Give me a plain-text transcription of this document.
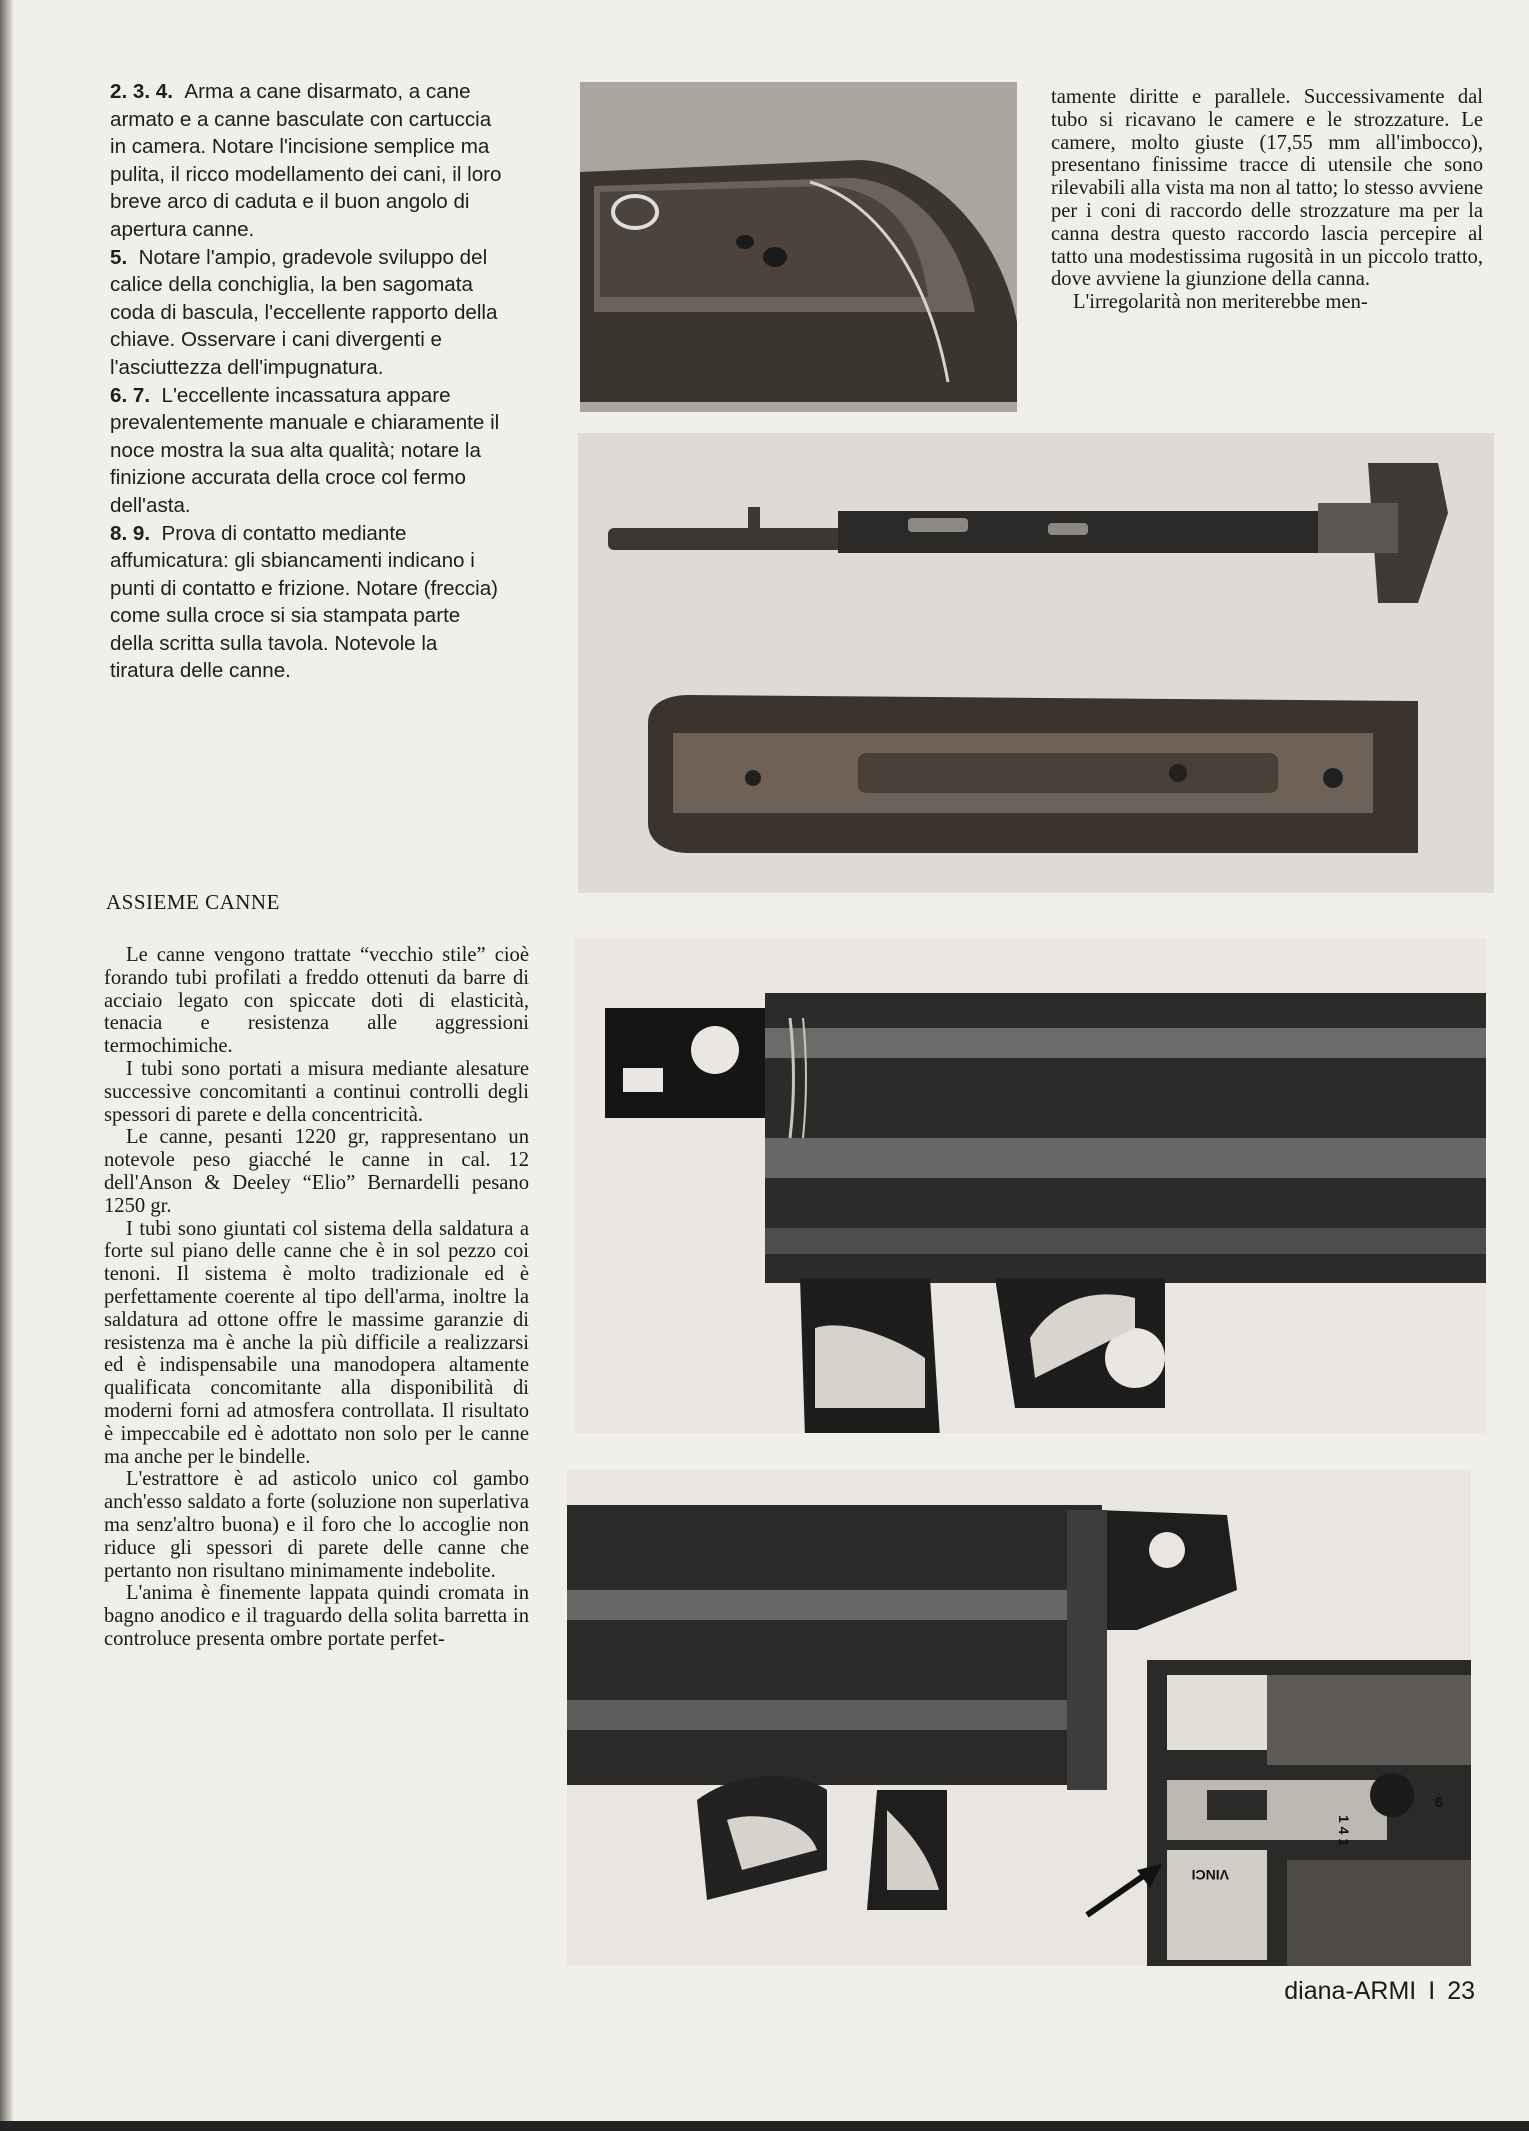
2. 3. 4. Arma a cane disarmato, a cane armato e a canne basculate con cartuccia in camera. Notare l'incisione semplice ma pulita, il ricco modellamento dei cani, il loro breve arco di caduta e il buon angolo di apertura canne.

5. Notare l'ampio, gradevole sviluppo del calice della conchiglia, la ben sagomata coda di bascula, l'eccellente rapporto della chiave. Osservare i cani divergenti e l'asciuttezza dell'impugnatura.

6. 7. L'eccellente incassatura appare prevalentemente manuale e chiaramente il noce mostra la sua alta qualità; notare la finizione accurata della croce col fermo dell'asta.

8. 9. Prova di contatto mediante affumicatura: gli sbiancamenti indicano i punti di contatto e frizione. Notare (freccia) come sulla croce si sia stampata parte della scritta sulla tavola. Notevole la tiratura delle canne.

ASSIEME CANNE

Le canne vengono trattate “vecchio stile” cioè forando tubi profilati a freddo ottenuti da barre di acciaio legato con spiccate doti di elasticità, tenacia e resistenza alle aggressioni termochimiche.

I tubi sono portati a misura mediante alesature successive concomitanti a continui controlli degli spessori di parete e della concentricità.

Le canne, pesanti 1220 gr, rappresentano un notevole peso giacché le canne in cal. 12 dell'Anson & Deeley “Elio” Bernardelli pesano 1250 gr.

I tubi sono giuntati col sistema della saldatura a forte sul piano delle canne che è in sol pezzo coi tenoni. Il sistema è molto tradizionale ed è perfettamente coerente al tipo dell'arma, inoltre la saldatura ad ottone offre le massime garanzie di resistenza ma è anche la più difficile a realizzarsi ed è indispensabile una manodopera altamente qualificata concomitante alla disponibilità di moderni forni ad atmosfera controllata. Il risultato è impeccabile ed è adottato non solo per le canne ma anche per le bindelle.

L'estrattore è ad asticolo unico col gambo anch'esso saldato a forte (soluzione non superlativa ma senz'altro buona) e il foro che lo accoglie non riduce gli spessori di parete delle canne che pertanto non risultano minimamente indebolite.

L'anima è finemente lappata quindi cromata in bagno anodico e il traguardo della solita barretta in controluce presenta ombre portate perfet-

tamente diritte e parallele. Successivamente dal tubo si ricavano le camere e le strozzature. Le camere, molto giuste (17,55 mm all'imbocco), presentano finissime tracce di utensile che sono rilevabili alla vista ma non al tatto; lo stesso avviene per i coni di raccordo delle strozzature ma per la canna destra questo raccordo lascia percepire al tatto una modestissima rugosità in un piccolo tratto, dove avviene la giunzione della canna.

L'irregolarità non meriterebbe men-

VINCI
1 4 1
6
diana-ARMI I 23
